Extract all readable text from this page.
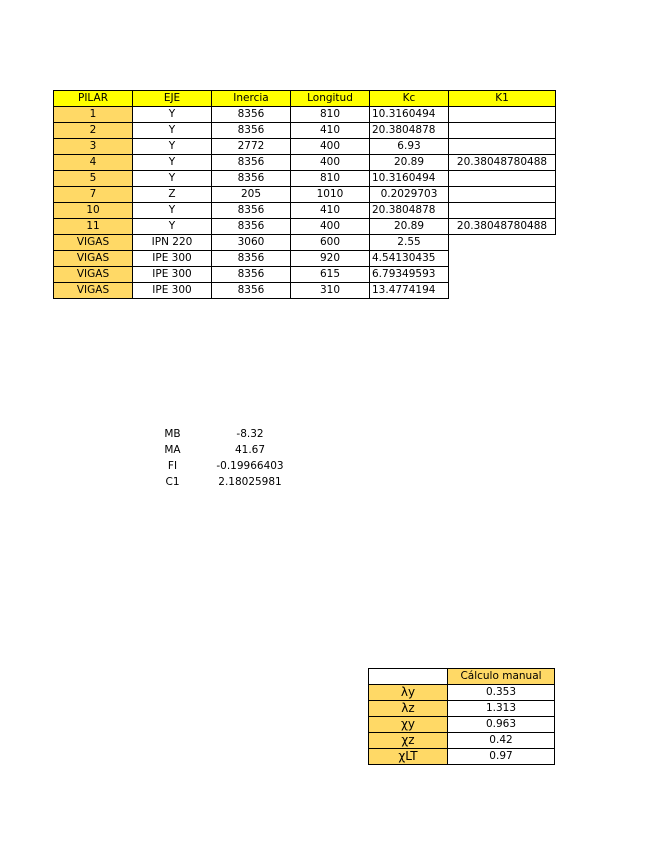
PILAR	EJE	Inercia	Longitud	Kc	K1
1	Y	8356	810	10.3160494	
2	Y	8356	410	20.3804878	
3	Y	2772	400	6.93	
4	Y	8356	400	20.89	20.38048780488
5	Y	8356	810	10.3160494	
7	Z	205	1010	0.2029703	
10	Y	8356	410	20.3804878	
11	Y	8356	400	20.89	20.38048780488
VIGAS	IPN 220	3060	600	2.55	
VIGAS	IPE 300	8356	920	4.54130435	
VIGAS	IPE 300	8356	615	6.79349593	
VIGAS	IPE 300	8356	310	13.4774194	
MB	-8.32
MA	41.67
FI	-0.19966403
C1	2.18025981
	Cálculo manual
λy	0.353
λz	1.313
χy	0.963
χz	0.42
χLT	0.97
